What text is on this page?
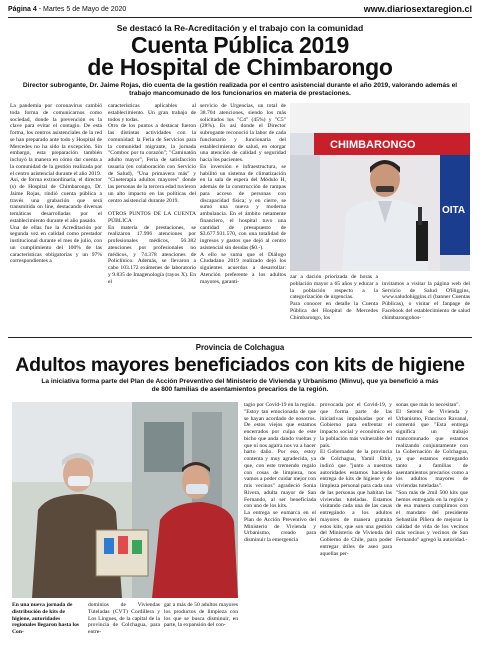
Página 4 - Martes 5 de Mayo de 2020	www.diariosextaregion.cl
Se destacó la Re-Acreditación y el trabajo con la comunidad
Cuenta Pública 2019
de Hospital de Chimbarongo
Director subrogante, Dr. Jaime Rojas, dio cuenta de la gestión realizada por el centro asistencial durante el año 2019, valorando además el trabajo mancomunado de los funcionarios en materia de prestaciones.
La pandemia por coronavirus cambió toda forma de comunicarnos como sociedad, donde la prevención es la clave para evitar el contagio. De esta forma, los centros asistenciales de la red se han preparado ante todo y Hospital de Mercedes no ha sido la excepción. Sin embargo, esta preparación también incluyó la manera en cómo dar cuenta a la comunidad de la gestión realizada por el centro asistencial durante el año 2019.
Así, de forma extraordinaria, el director (s) de Hospital de Chimbarongo, Dr. Jaime Rojas, rindió cuenta pública a través una grabación que será transmitida on line, destacando diversas temáticas desarrolladas por el establecimiento durante el año pasado.
Una de ellas fue la Acreditación por segunda vez en calidad como prestador institucional durante el mes de julio, con un cumplimiento del 100% de las características obligatorias y un 97% correspondientes a
características aplicables al establecimiento. Un gran trabajo de todos y todas.
Otro de los puntos a destacar fueron las distintas actividades con la comunidad: la Feria de Servicios para la comunidad migrante, la jornada "Comboc por tu corazón"; "Caminatón adulto mayor", Feria de satisfacción usuaria (en colaboración con Servicio de Salud), "Una primavera más" y "Cineterapia adultos mayores" donde las personas de la tercera edad tuvieron un alto impacto en las políticas del centro asistencial durante 2019.

OTROS PUNTOS DE LA CUENTA PÚBLICA
En materia de prestaciones, se realizaron 17.996 atenciones por profesionales médicos, 56.382 atenciones por profesionales no médicos, y 74.378 atenciones de Policlínico. Además, se llevaron a cabo 103.172 exámenes de laboratorio y 9.835 de Imagenología (rayos X). En el
servicio de Urgencias, un total de 38.704 atenciones, siendo los más solicitados los "C4" (45%) y "C5" (28%). Es así donde el Director subrogante reconoció la labor de cada funcionario y funcionaria del establecimiento de salud, en otorgar una atención de calidad y seguridad hacia los pacientes.
En inversión e infraestructura, se habilitó un sistema de climatización en la sala de espera del Módulo H, además de la construcción de rampas para acceso de personas con discapacidad física; y en cierre, se sumó una nueva y moderna ambulancia. En el ámbito netamente financiero, el hospital tuvo una cantidad de presupuesto de $3.677.931.570, con una totalidad de ingresos y gastos que dejó al centro asistencial sin deudas ($0.-).
A ello se suma que el Diálogo Ciudadano 2019 realizado dejó los siguientes acuerdos a desarrollar: Atención preferente a los adultos mayores, garanti-
CHIMBARONGO
OITA
zar a dación priorizada de horas a población mayor a 65 años y educar a la población respecto a la categorización de urgencias.
Para conocer en detalle la Cuenta Pública del Hospital de Mercedes Chimbarongo, los

invitamos a visitar la página web del Servicio de Salud O'Higgins, www.saludohiggins.cl (banner Cuentas Públicas), o visitar el fanpage de Facebook del establecimiento de salud chimbarongohos-

Provincia de Colchagua
Adultos mayores beneficiados con kits de higiene
La iniciativa forma parte del Plan de Acción Preventivo del Ministerio de Vivienda y Urbanismo (Minvu), que ya benefició a más de 800 familias de asentamientos precarios de la región.
En una nueva jornada de distribución de kits de higiene, autoridades regionales llegaron hasta los Con-
dominios de Viviendas Tuteladas (CVT) Cordillera y Los Lingues, de la capital de la provincia de Colchagua, para entre-
gar a más de 50 adultos mayores los productos de limpieza con los que se busca disminuir, en parte, la expansión del con-
tagio por Covid-19 en la región.
"Estoy tan emocionada de que se hayan acordado de nosotros. De estos viejos que estamos encerrados por culpa de este bicho que anda dando vueltas y que ni nos agarra nos va a hacer harto daño. Por eso, estoy contenta y muy agradecida, ya que, con este tremendo regalo con cosas de limpieza, nos vamos a poder cuidar mejor con mis vecinos" agradeció Sonia Rivera, adulta mayor de San Fernando, al ser beneficiada con uno de los kits.
La entrega se enmarca en el Plan de Acción Preventivo del Ministerio de Vivienda y Urbanismo, creado para disminuir la emergencia
provocada por el Covid-19, y que forma parte de las iniciativas impulsadas por el Gobierno para enfrentar el impacto social y económico en la población más vulnerable del país.
El Gobernador de la provincia de Colchagua, Yamil Ethit, indicó que "junto a nuestras autoridades estamos haciendo entrega de kits de higiene y de limpieza personal para cada una de las personas que habitan las viviendas tuteladas. Estamos visitando cada una de las casas entregándo a los adultos mayores de manera gratuita estos kits, que son una gestión del Ministerio de Vivienda del Gobierno de Chile, para poder entregar útiles de aseo para aquellas per-
sonas que más lo necesitan".
El Seremi de Vivienda y Urbanismo, Francisco Ravanal, comentó que "Esta entrega significa un trabajo mancomunado que estamos realizando conjuntamente con la Gobernación de Colchagua, ya que estamos entregando tanto a familias de asentamientos precarios como a los adultos mayores de viviendas tuteladas".
"Son más de 2mil 500 kits que hemos entregado en la región y de esa manera cumplimos con el mandato del presidente Sebastián Piñera de mejorar la calidad de vida de los vecinos más vecinos y vecinos de San Fernando" agregó la autoridad.-
